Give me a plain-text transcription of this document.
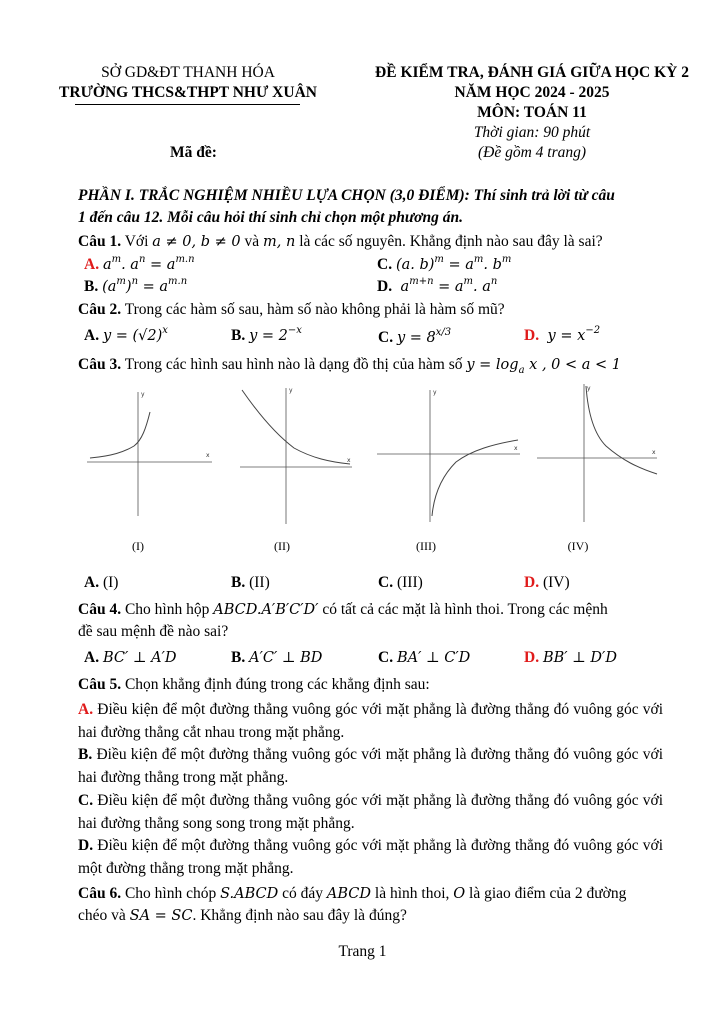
SỞ GD&ĐT THANH HÓA
TRƯỜNG THCS&THPT NHƯ XUÂN
ĐỀ KIỂM TRA, ĐÁNH GIÁ GIỮA HỌC KỲ 2
NĂM HỌC 2024 - 2025
MÔN: TOÁN 11
Thời gian: 90 phút
(Đề gồm 4 trang)
Mã đề:
PHẦN I. TRẮC NGHIỆM NHIỀU LỰA CHỌN (3,0 ĐIỂM): Thí sinh trả lời từ câu
1 đến câu 12. Mỗi câu hỏi thí sinh chỉ chọn một phương án.
Câu 1. Với a ≠ 0, b ≠ 0 và m, n là các số nguyên. Khẳng định nào sau đây là sai?
A. $a^m$. $a^n = a^{m.n}$	C. (a. $b)^m = a^m$. $b^m$
B. $(a^m)^n = a^{m.n}$	D.  $a^{m+n} = a^m$. $a^n$
Câu 2. Trong các hàm số sau, hàm số nào không phải là hàm số mũ?
A. $y = (√2)^x$	B. $y = 2^{-x}$	C. $y = 8^{x/3}$	D.  $y = x^{-2}$
Câu 3. Trong các hình sau hình nào là dạng đồ thị của hàm số $y = \log_a x$ , 0 < a < 1
x
y
x
y
x
y
x
y
(I)	(II)	(III)	(IV)
A. (I)	B. (II)	C. (III)	D. (IV)
Câu 4. Cho hình hộp ABCD.A′B′C′D′ có tất cả các mặt là hình thoi. Trong các mệnh
đề sau mệnh đề nào sai?
A. BC′ ⊥ A′D	B. A′C′ ⊥ BD	C. BA′ ⊥ C′D	D. BB′ ⊥ D′D
Câu 5. Chọn khẳng định đúng trong các khẳng định sau:
A. Điều kiện để một đường thẳng vuông góc với mặt phẳng là đường thẳng đó vuông góc với hai đường thẳng cắt nhau trong mặt phẳng.
B. Điều kiện để một đường thẳng vuông góc với mặt phẳng là đường thẳng đó vuông góc với hai đường thẳng trong mặt phẳng.
C. Điều kiện để một đường thẳng vuông góc với mặt phẳng là đường thẳng đó vuông góc với hai đường thẳng song song trong mặt phẳng.
D. Điều kiện để một đường thẳng vuông góc với mặt phẳng là đường thẳng đó vuông góc với một đường thẳng trong mặt phẳng.
Câu 6. Cho hình chóp S.ABCD có đáy ABCD là hình thoi, O là giao điểm của 2 đường
chéo và SA = SC. Khẳng định nào sau đây là đúng?
Trang 1
